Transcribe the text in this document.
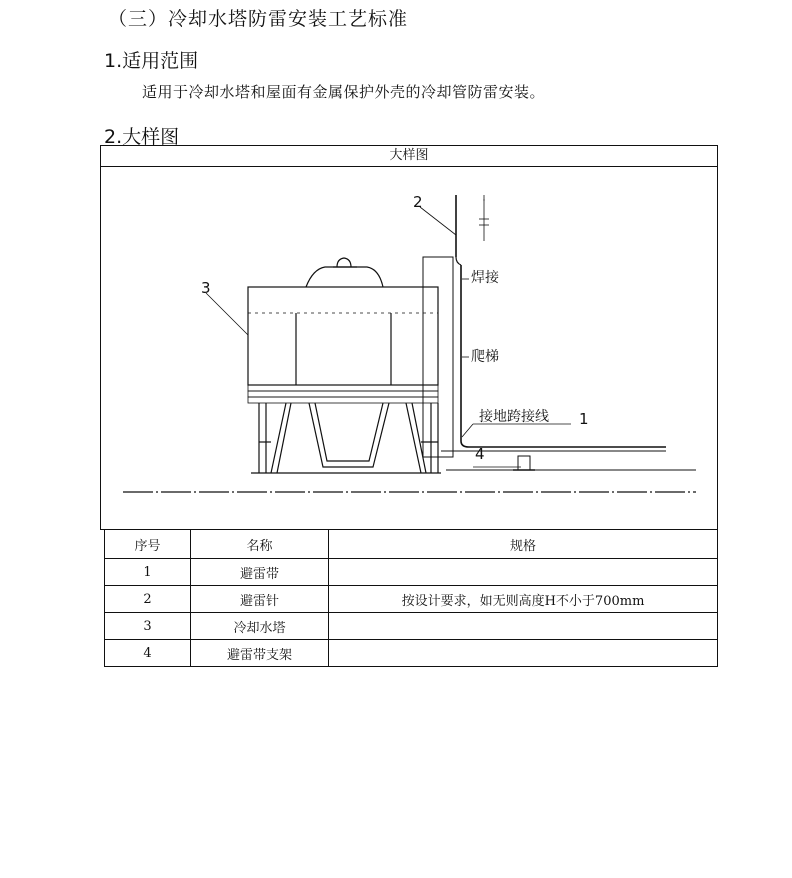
（三）冷却水塔防雷安装工艺标准
1.适用范围
适用于冷却水塔和屋面有金属保护外壳的冷却管防雷安装。
2.大样图
大样图
2
3
焊接
爬梯
接地跨接线 1
4
序号	名称	规格
1	避雷带	
2	避雷针	按设计要求，如无则高度H不小于700mm
3	冷却水塔	
4	避雷带支架	
